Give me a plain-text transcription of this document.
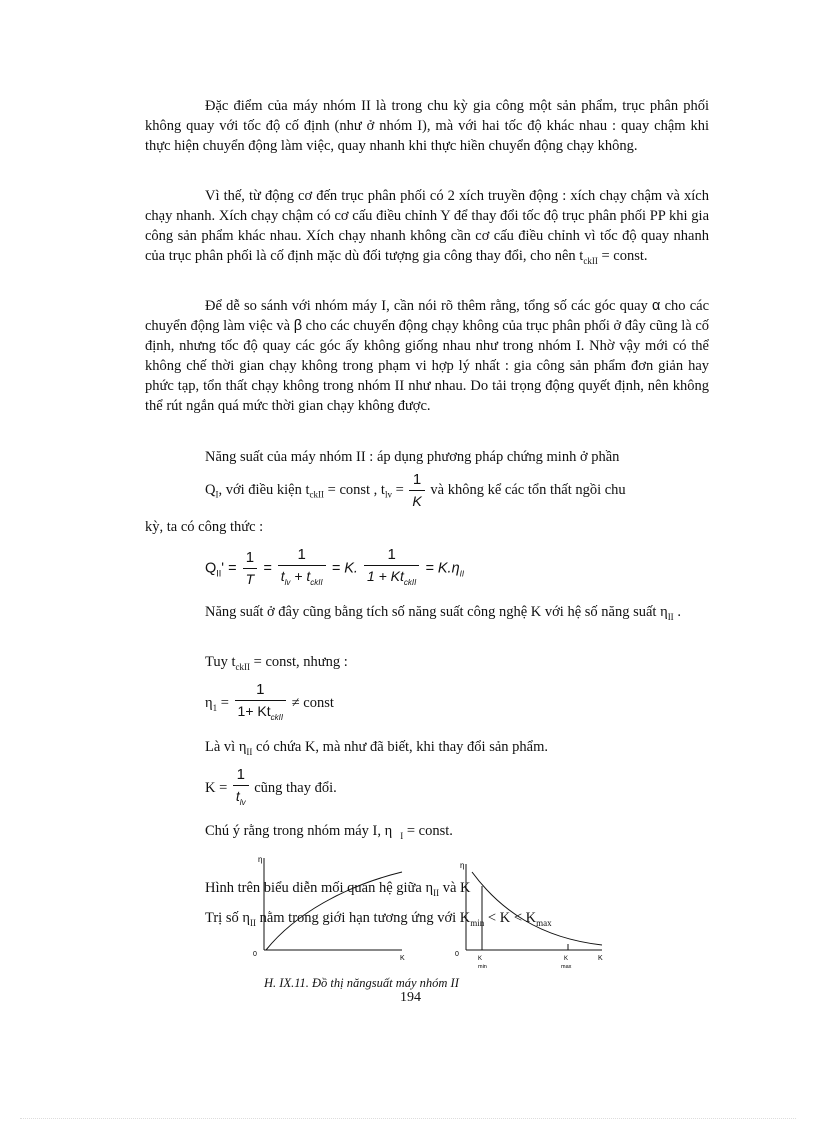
Đặc điểm của máy nhóm II là trong chu kỳ gia công một sản phẩm, trục phân phối không quay với tốc độ cố định (như ở nhóm I), mà với hai tốc độ khác nhau : quay chậm khi thực hiện chuyển động làm việc, quay nhanh khi thực hiền chuyển động chạy không.

Vì thế, từ động cơ đến trục phân phối có 2 xích truyền động : xích chạy chậm và xích chạy nhanh. Xích chạy chậm có cơ cấu điều chỉnh Y để thay đổi tốc độ trục phân phối PP khi gia công sản phẩm khác nhau. Xích chạy nhanh không cần cơ cấu điều chỉnh vì tốc độ quay nhanh của trục phân phối là cố định mặc dù đối tượng gia công thay đổi, cho nên $t_{ckII}$ = const.

Để dễ so sánh với nhóm máy I, cần nói rõ thêm rằng, tổng số các góc quay α cho các chuyển động làm việc và β cho các chuyển động chạy không của trục phân phối ở đây cũng là cố định, nhưng tốc độ quay các góc ấy không giống nhau như trong nhóm I. Nhờ vậy mới có thể không chế thời gian chạy không trong phạm vi hợp lý nhất : gia công sản phẩm đơn giản hay phức tạp, tổn thất chạy không trong nhóm II như nhau. Do tải trọng động quyết định, nên không thể rút ngắn quá mức thời gian chạy không được.

Năng suất của máy nhóm II : áp dụng phương pháp chứng minh ở phần

$Q_I$, với điều kiện $t_{ckII}$ = const , $t_{lv} = \frac{1}{K}$ và không kể các tổn thất ngồi chu

kỳ, ta có công thức :

$Q_{II}' = \frac{1}{T} = \frac{1}{t_{lv} + t_{ckII}} = K$. $\frac{1}{1 + Kt_{ckII}} = K.\eta_{II}$

Năng suất ở đây cũng bằng tích số năng suất công nghệ K với hệ số năng suất $\eta_{II}$ .

Tuy $t_{ckII}$ = const, nhưng :

$\eta_1 = \frac{1}{1+ Kt_{ckII}}$ ≠ const

Là vì $\eta_{II}$ có chứa K, mà như đã biết, khi thay đổi sản phẩm.

$K = \frac{1}{t_{lv}}$ cũng thay đổi.

Chú ý rằng trong nhóm máy I, η $_I$ = const.

η
0
K
η
0
K
min
K
max
K

Hình trên biểu diễn mối quan hệ giữa $\eta_{II}$ và K

Trị số $\eta_{II}$ nằm trong giới hạn tương ứng với $K_{min} < K < K_{max}$

H. IX.11. Đồ thị năngsuất máy nhóm II
194
